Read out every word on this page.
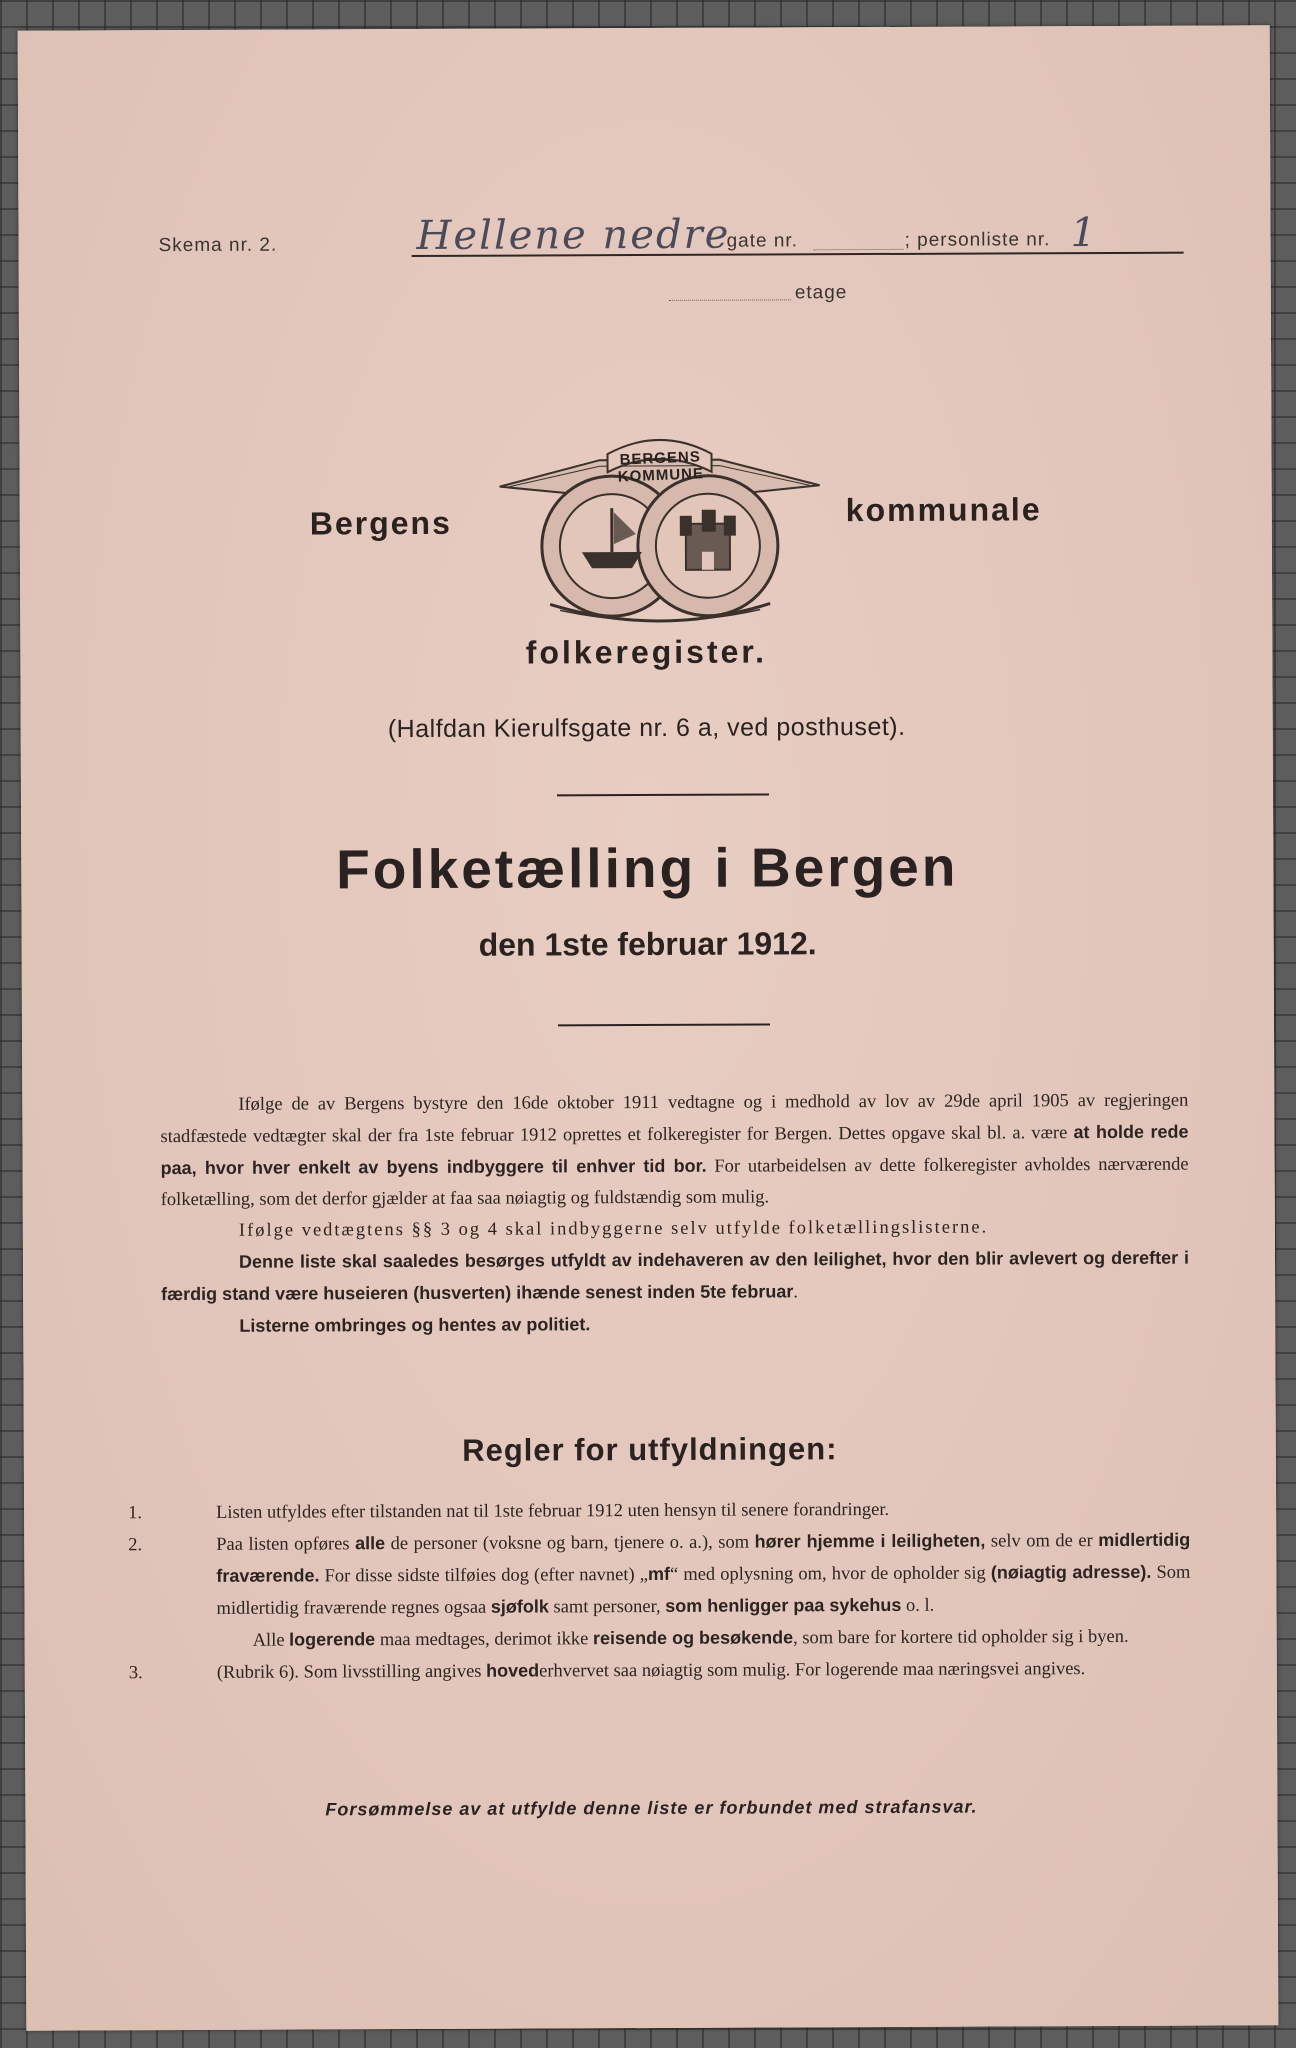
Skema nr. 2.	Hellene nedre
gate nr.	; personliste nr. 1
etage
Bergens	kommunale
BERGENS KOMMUNE
folkeregister.
(Halfdan Kierulfsgate nr. 6 a, ved posthuset).
Folketælling i Bergen
den 1ste februar 1912.
Ifølge de av Bergens bystyre den 16de oktober 1911 vedtagne og i medhold av lov av 29de april 1905 av regjeringen stadfæstede vedtægter skal der fra 1ste februar 1912 oprettes et folkeregister for Bergen. Dettes opgave skal bl. a. være at holde rede paa, hvor hver enkelt av byens indbyggere til enhver tid bor. For utarbeidelsen av dette folkeregister avholdes nærværende folketælling, som det derfor gjælder at faa saa nøiagtig og fuldstændig som mulig.
Ifølge vedtægtens §§ 3 og 4 skal indbyggerne selv utfylde folketællingslisterne.
Denne liste skal saaledes besørges utfyldt av indehaveren av den leilighet, hvor den blir avlevert og derefter i færdig stand være huseieren (husverten) ihænde senest inden 5te februar.
Listerne ombringes og hentes av politiet.
Regler for utfyldningen:
1.	Listen utfyldes efter tilstanden nat til 1ste februar 1912 uten hensyn til senere forandringer.
2.	Paa listen opføres alle de personer (voksne og barn, tjenere o. a.), som hører hjemme i leiligheten, selv om de er midlertidig fraværende. For disse sidste tilføies dog (efter navnet) „mf“ med oplysning om, hvor de opholder sig (nøiagtig adresse). Som midlertidig fraværende regnes ogsaa sjøfolk samt personer, som henligger paa sykehus o. l.
Alle logerende maa medtages, derimot ikke reisende og besøkende, som bare for kortere tid opholder sig i byen.
3.	(Rubrik 6). Som livsstilling angives hovederhvervet saa nøiagtig som mulig. For logerende maa næringsvei angives.
Forsømmelse av at utfylde denne liste er forbundet med strafansvar.
